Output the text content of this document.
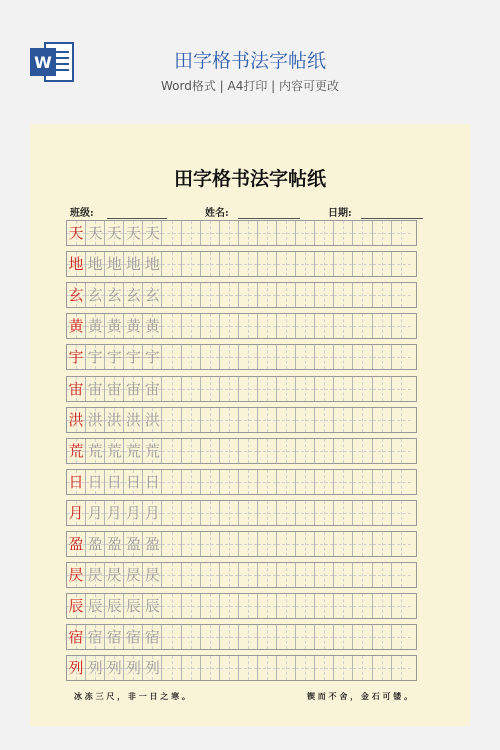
W	田字格书法字帖纸
Word格式 | A4打印 | 内容可更改
田字格书法字帖纸
班级:	姓名:	日期:
天 天 天 天 天
地 地 地 地 地
玄 玄 玄 玄 玄
黄 黄 黄 黄 黄
宇 宇 宇 宇 宇
宙 宙 宙 宙 宙
洪 洪 洪 洪 洪
荒 荒 荒 荒 荒
日 日 日 日 日
月 月 月 月 月
盈 盈 盈 盈 盈
昃 昃 昃 昃 昃
辰 辰 辰 辰 辰
宿 宿 宿 宿 宿
列 列 列 列 列
冰 冻 三 尺 ， 非 一 日 之 寒 。	锲 而 不 舍 ， 金 石 可 镂 。
